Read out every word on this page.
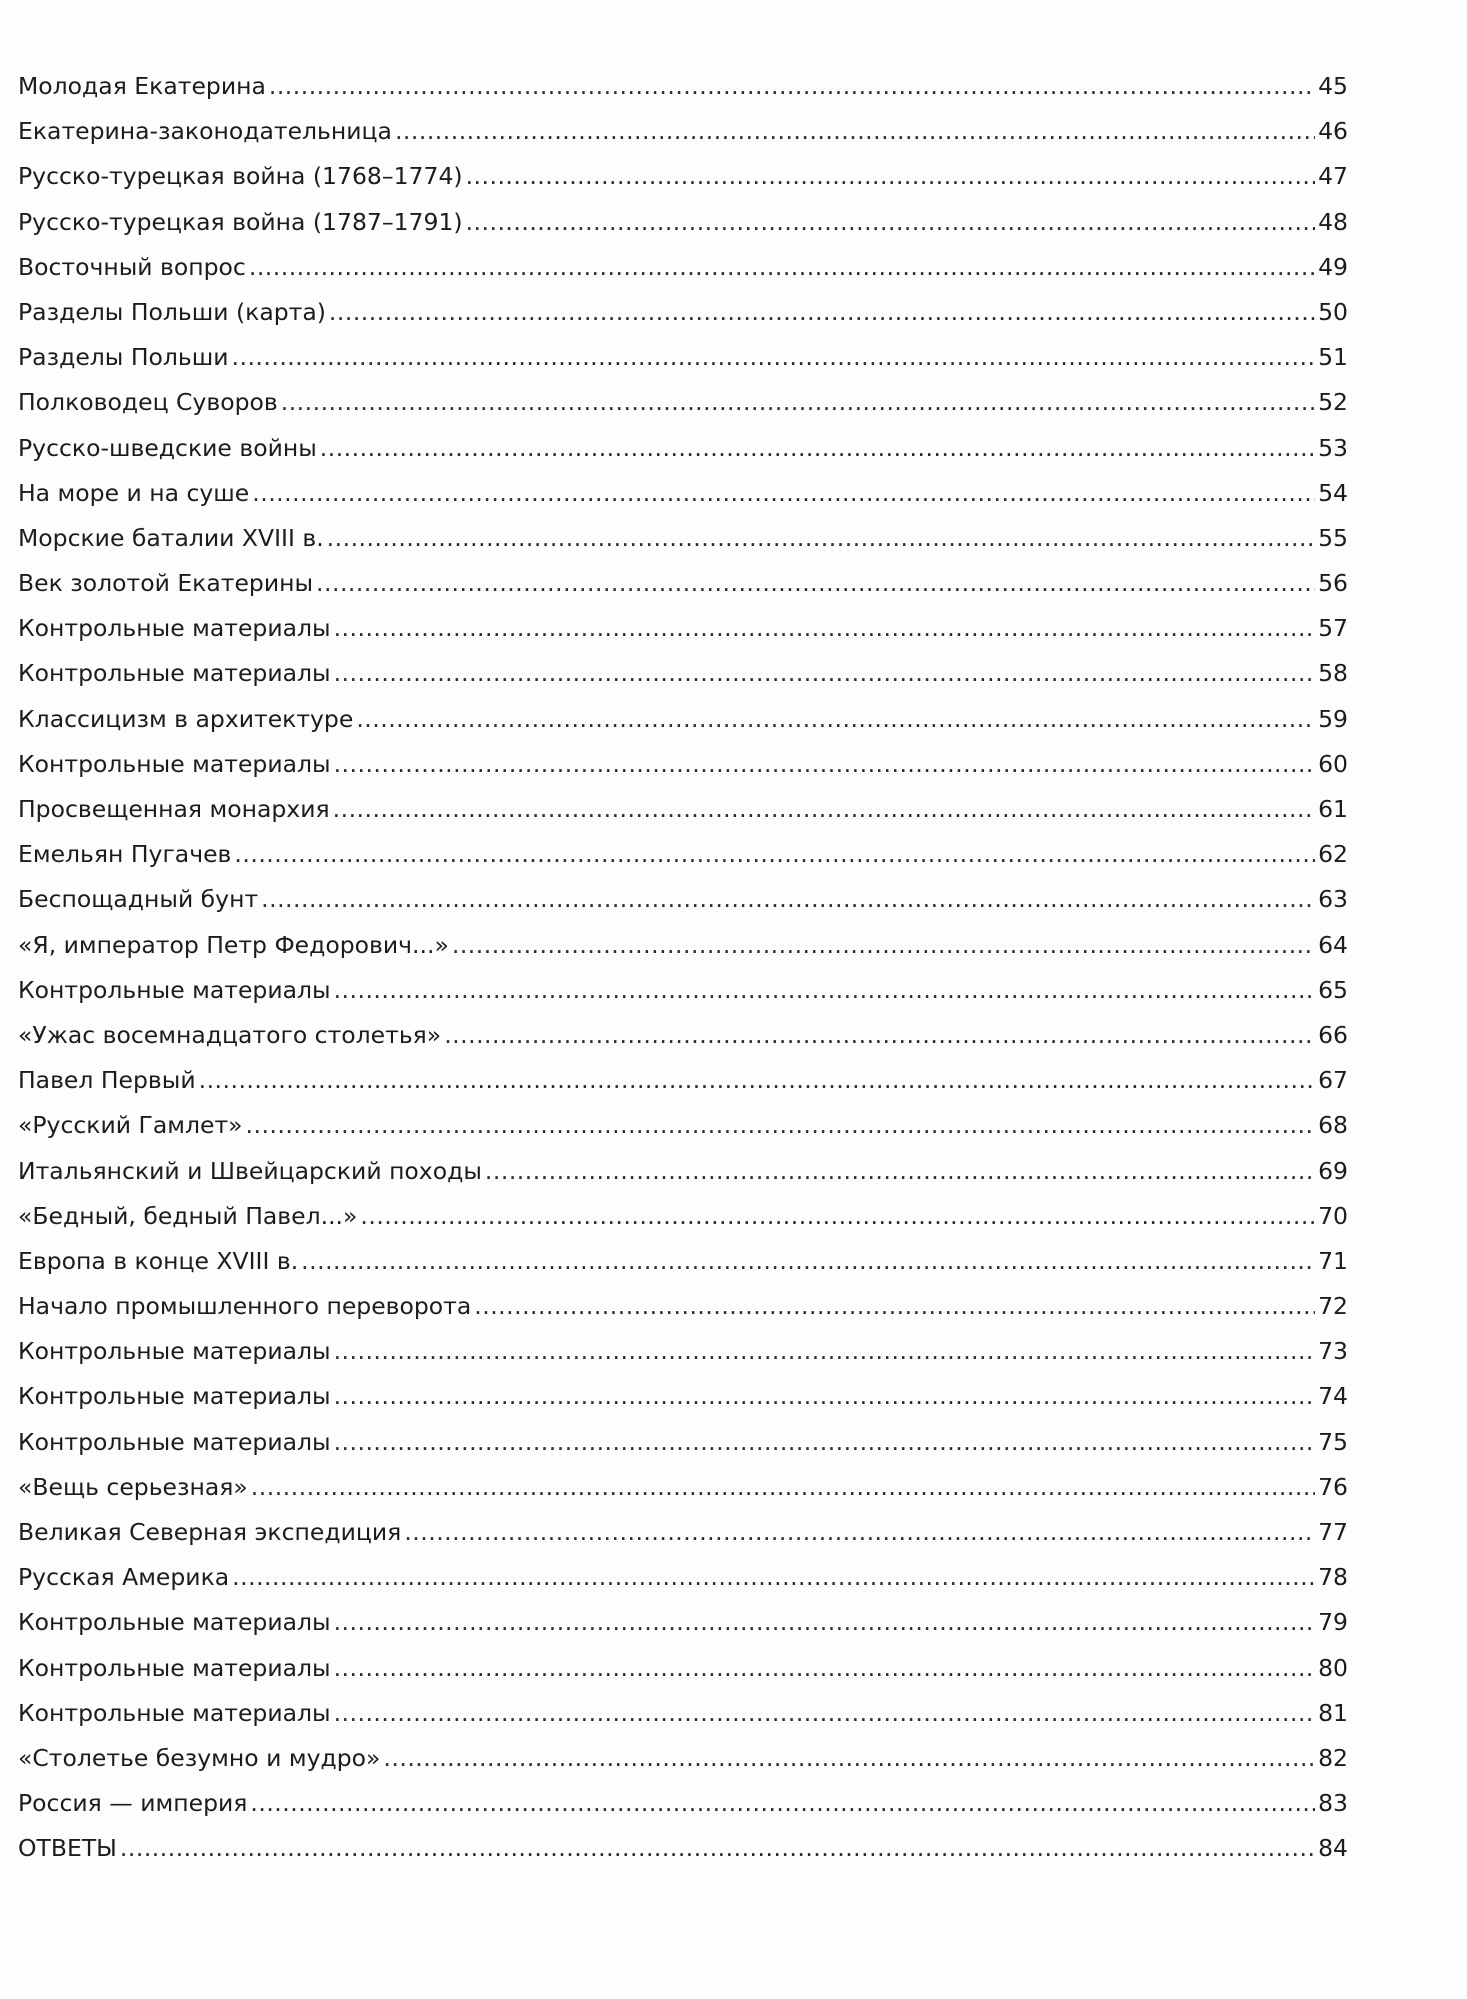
Молодая Екатерина .....	45
Екатерина-законодательница .....	46
Русско-турецкая война (1768–1774) .....	47
Русско-турецкая война (1787–1791) .....	48
Восточный вопрос .....	49
Разделы Польши (карта) .....	50
Разделы Польши .....	51
Полководец Суворов .....	52
Русско-шведские войны .....	53
На море и на суше .....	54
Морские баталии XVIII в. .....	55
Век золотой Екатерины .....	56
Контрольные материалы .....	57
Контрольные материалы .....	58
Классицизм в архитектуре .....	59
Контрольные материалы .....	60
Просвещенная монархия .....	61
Емельян Пугачев .....	62
Беспощадный бунт .....	63
«Я, император Петр Федорович...» .....	64
Контрольные материалы .....	65
«Ужас восемнадцатого столетья» .....	66
Павел Первый .....	67
«Русский Гамлет» .....	68
Итальянский и Швейцарский походы .....	69
«Бедный, бедный Павел...» .....	70
Европа в конце XVIII в. .....	71
Начало промышленного переворота .....	72
Контрольные материалы .....	73
Контрольные материалы .....	74
Контрольные материалы .....	75
«Вещь серьезная» .....	76
Великая Северная экспедиция .....	77
Русская Америка .....	78
Контрольные материалы .....	79
Контрольные материалы .....	80
Контрольные материалы .....	81
«Столетье безумно и мудро» .....	82
Россия — империя .....	83
ОТВЕТЫ .....	84
